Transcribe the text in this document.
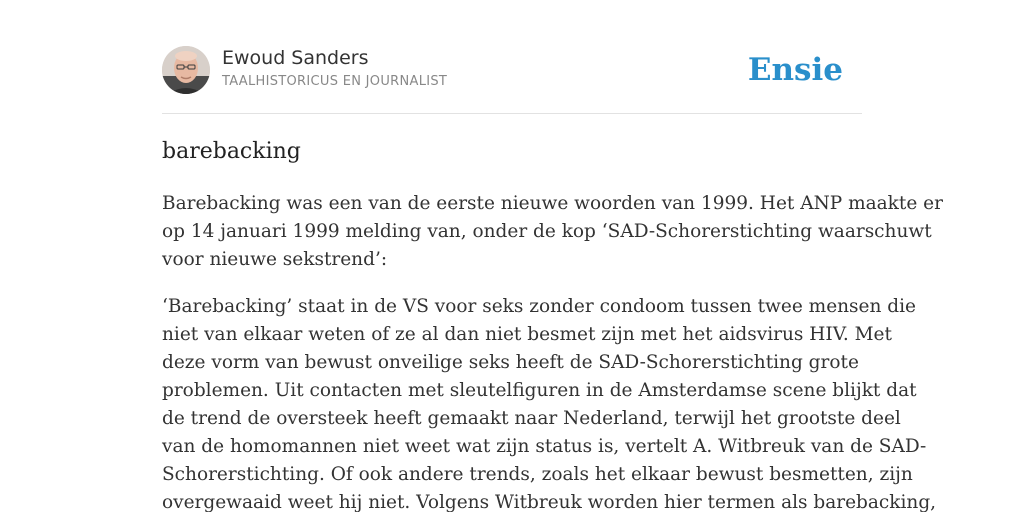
Ewoud Sanders
TAALHISTORICUS EN JOURNALIST	Ensie
barebacking

Barebacking was een van de eerste nieuwe woorden van 1999. Het ANP maakte er
op 14 januari 1999 melding van, onder de kop ‘SAD-Schorerstichting waarschuwt
voor nieuwe sekstrend’:

‘Barebacking’ staat in de VS voor seks zonder condoom tussen twee mensen die
niet van elkaar weten of ze al dan niet besmet zijn met het aidsvirus HIV. Met
deze vorm van bewust onveilige seks heeft de SAD-Schorerstichting grote
problemen. Uit contacten met sleutelfiguren in de Amsterdamse scene blijkt dat
de trend de oversteek heeft gemaakt naar Nederland, terwijl het grootste deel
van de homomannen niet weet wat zijn status is, vertelt A. Witbreuk van de SAD-
Schorerstichting. Of ook andere trends, zoals het elkaar bewust besmetten, zijn
overgewaaid weet hij niet. Volgens Witbreuk worden hier termen als barebacking,
